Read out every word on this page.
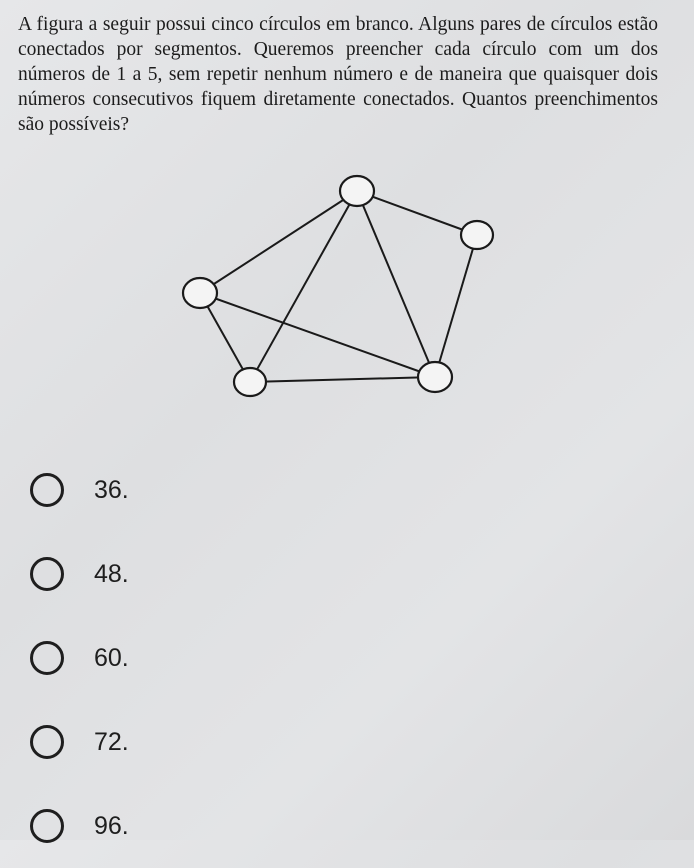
A figura a seguir possui cinco círculos em branco. Alguns pares de círculos estão conectados por segmentos. Queremos preencher cada círculo com um dos números de 1 a 5, sem repetir nenhum número e de maneira que quaisquer dois números consecutivos fiquem diretamente conectados. Quantos preenchimentos são possíveis?

36.
48.
60.
72.
96.
